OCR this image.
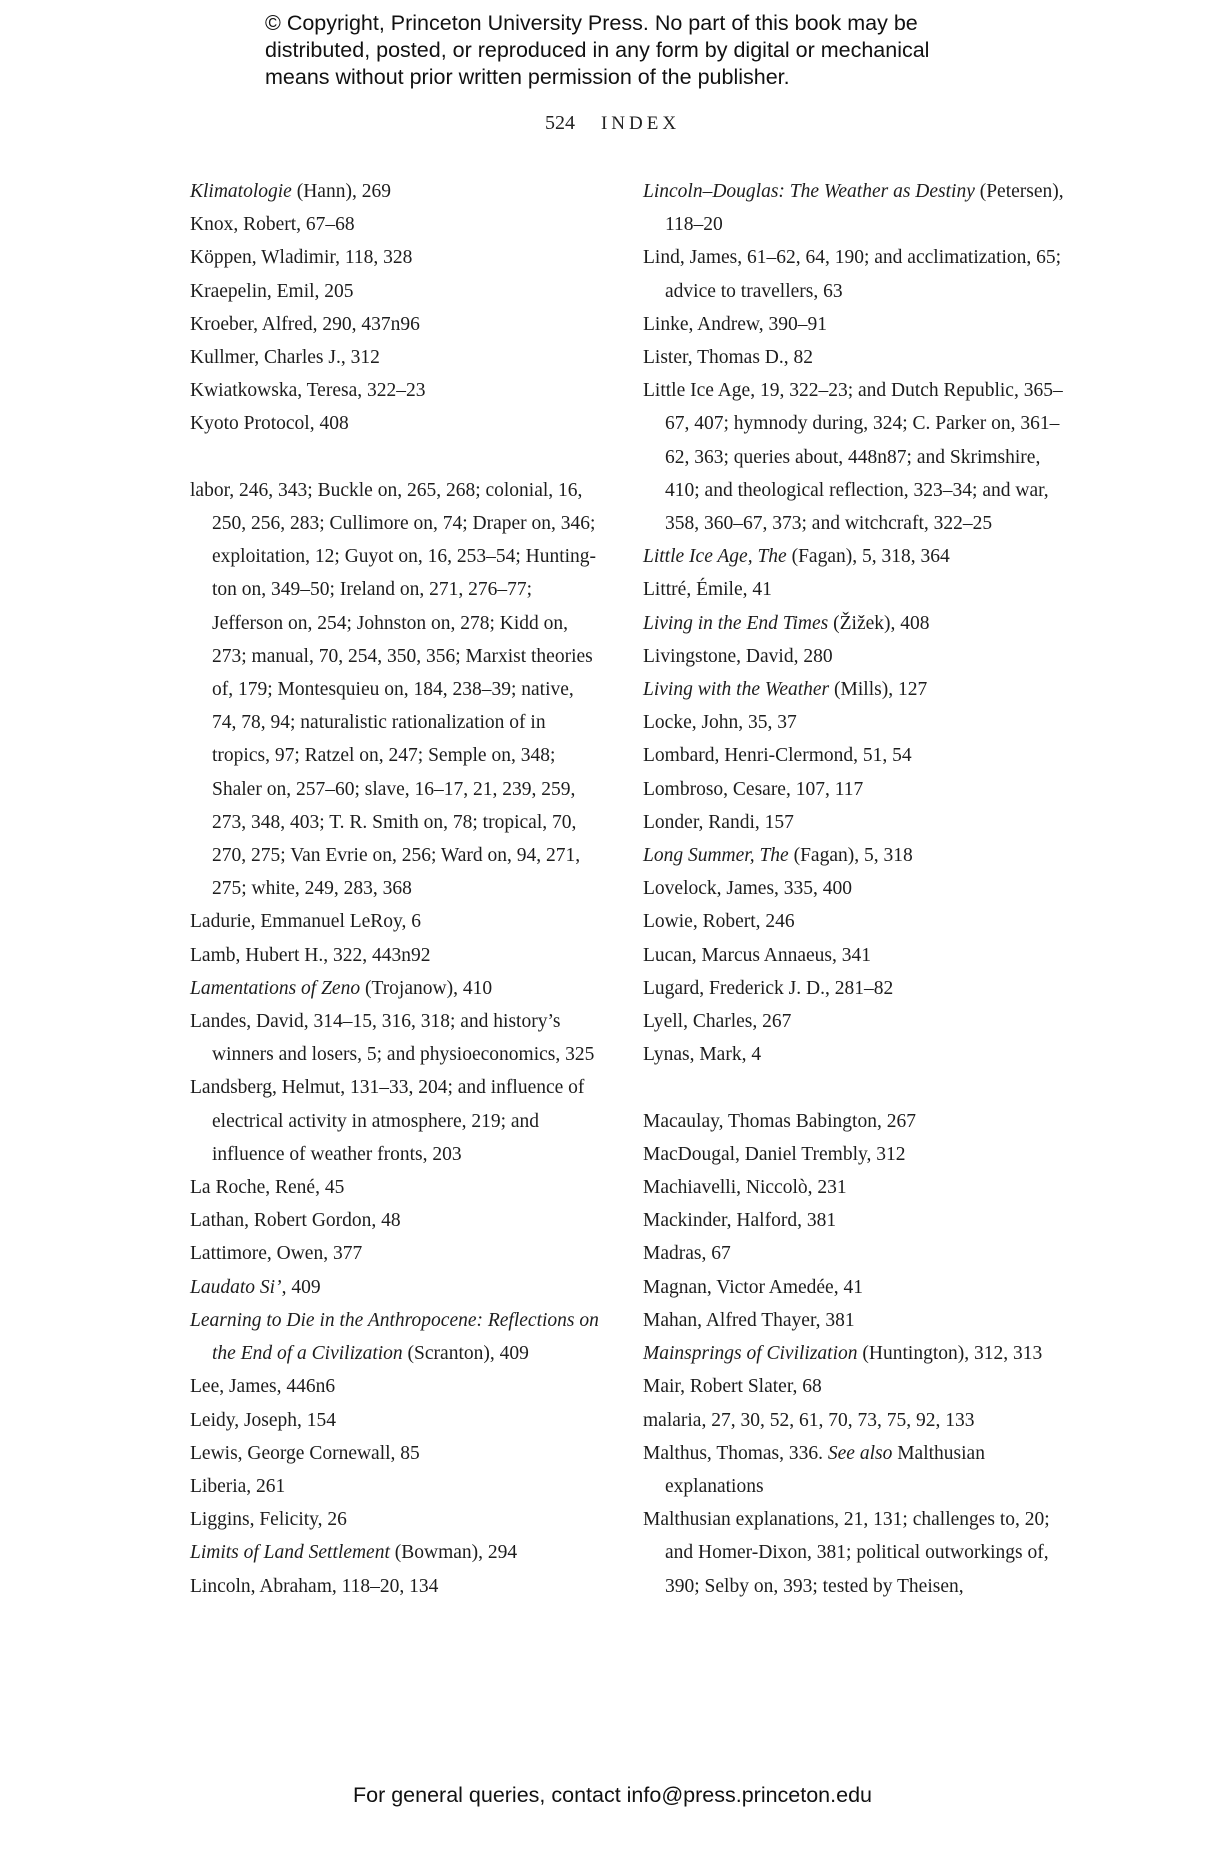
© Copyright, Princeton University Press. No part of this book may be
distributed, posted, or reproduced in any form by digital or mechanical
means without prior written permission of the publisher.
524 INDEX
Klimatologie (Hann), 269
Knox, Robert, 67–68
Köppen, Wladimir, 118, 328
Kraepelin, Emil, 205
Kroeber, Alfred, 290, 437n96
Kullmer, Charles J., 312
Kwiatkowska, Teresa, 322–23
Kyoto Protocol, 408
labor, 246, 343; Buckle on, 265, 268; colonial, 16, 250, 256, 283; Cullimore on, 74; Draper on, 346; exploitation, 12; Guyot on, 16, 253–54; Hunting-ton on, 349–50; Ireland on, 271, 276–77; Jefferson on, 254; Johnston on, 278; Kidd on, 273; manual, 70, 254, 350, 356; Marxist theories of, 179; Montesquieu on, 184, 238–39; native, 74, 78, 94; naturalistic rationalization of in tropics, 97; Ratzel on, 247; Semple on, 348; Shaler on, 257–60; slave, 16–17, 21, 239, 259, 273, 348, 403; T. R. Smith on, 78; tropical, 70, 270, 275; Van Evrie on, 256; Ward on, 94, 271, 275; white, 249, 283, 368
Ladurie, Emmanuel LeRoy, 6
Lamb, Hubert H., 322, 443n92
Lamentations of Zeno (Trojanow), 410
Landes, David, 314–15, 316, 318; and history’s winners and losers, 5; and physioeconomics, 325
Landsberg, Helmut, 131–33, 204; and influence of electrical activity in atmosphere, 219; and influence of weather fronts, 203
La Roche, René, 45
Lathan, Robert Gordon, 48
Lattimore, Owen, 377
Laudato Si’, 409
Learning to Die in the Anthropocene: Reflections on the End of a Civilization (Scranton), 409
Lee, James, 446n6
Leidy, Joseph, 154
Lewis, George Cornewall, 85
Liberia, 261
Liggins, Felicity, 26
Limits of Land Settlement (Bowman), 294
Lincoln, Abraham, 118–20, 134
Lincoln–Douglas: The Weather as Destiny (Petersen), 118–20
Lind, James, 61–62, 64, 190; and acclimatization, 65; advice to travellers, 63
Linke, Andrew, 390–91
Lister, Thomas D., 82
Little Ice Age, 19, 322–23; and Dutch Republic, 365–67, 407; hymnody during, 324; C. Parker on, 361–62, 363; queries about, 448n87; and Skrimshire, 410; and theological reflection, 323–34; and war, 358, 360–67, 373; and witchcraft, 322–25
Little Ice Age, The (Fagan), 5, 318, 364
Littré, Émile, 41
Living in the End Times (Žižek), 408
Livingstone, David, 280
Living with the Weather (Mills), 127
Locke, John, 35, 37
Lombard, Henri-Clermond, 51, 54
Lombroso, Cesare, 107, 117
Londer, Randi, 157
Long Summer, The (Fagan), 5, 318
Lovelock, James, 335, 400
Lowie, Robert, 246
Lucan, Marcus Annaeus, 341
Lugard, Frederick J. D., 281–82
Lyell, Charles, 267
Lynas, Mark, 4
Macaulay, Thomas Babington, 267
MacDougal, Daniel Trembly, 312
Machiavelli, Niccolò, 231
Mackinder, Halford, 381
Madras, 67
Magnan, Victor Amedée, 41
Mahan, Alfred Thayer, 381
Mainsprings of Civilization (Huntington), 312, 313
Mair, Robert Slater, 68
malaria, 27, 30, 52, 61, 70, 73, 75, 92, 133
Malthus, Thomas, 336. See also Malthusian explanations
Malthusian explanations, 21, 131; challenges to, 20; and Homer-Dixon, 381; political outworkings of, 390; Selby on, 393; tested by Theisen,
For general queries, contact info@press.princeton.edu
